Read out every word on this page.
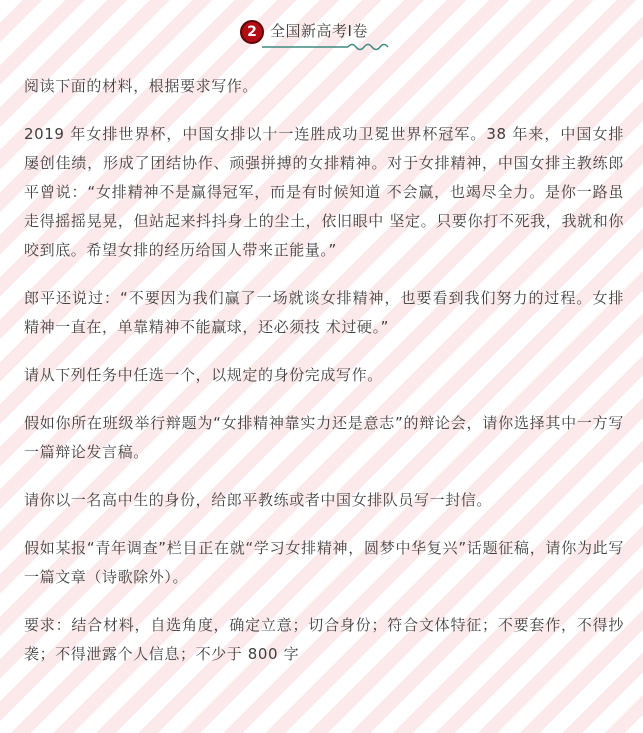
2 全国新高考Ⅰ卷

阅读下面的材料，根据要求写作。

2019 年女排世界杯，中国女排以十一连胜成功卫冕世界杯冠军。38 年来，中国女排屡创佳绩，形成了团结协作、顽强拼搏的女排精神。对于女排精神，中国女排主教练郎平曾说：“女排精神不是赢得冠军，而是有时候知道 不会赢，也竭尽全力。是你一路虽走得摇摇晃晃，但站起来抖抖身上的尘土，依旧眼中 坚定。只要你打不死我，我就和你咬到底。希望女排的经历给国人带来正能量。”

郎平还说过：“不要因为我们赢了一场就谈女排精神，也要看到我们努力的过程。女排精神一直在，单靠精神不能赢球，还必须技 术过硬。”

请从下列任务中任选一个，以规定的身份完成写作。

假如你所在班级举行辩题为“女排精神靠实力还是意志”的辩论会，请你选择其中一方写一篇辩论发言稿。

请你以一名高中生的身份，给郎平教练或者中国女排队员写一封信。

假如某报“青年调查”栏目正在就“学习女排精神，圆梦中华复兴”话题征稿，请你为此写一篇文章（诗歌除外）。

要求：结合材料，自选角度，确定立意；切合身份；符合文体特征；不要套作，不得抄袭；不得泄露个人信息；不少于 800 字
